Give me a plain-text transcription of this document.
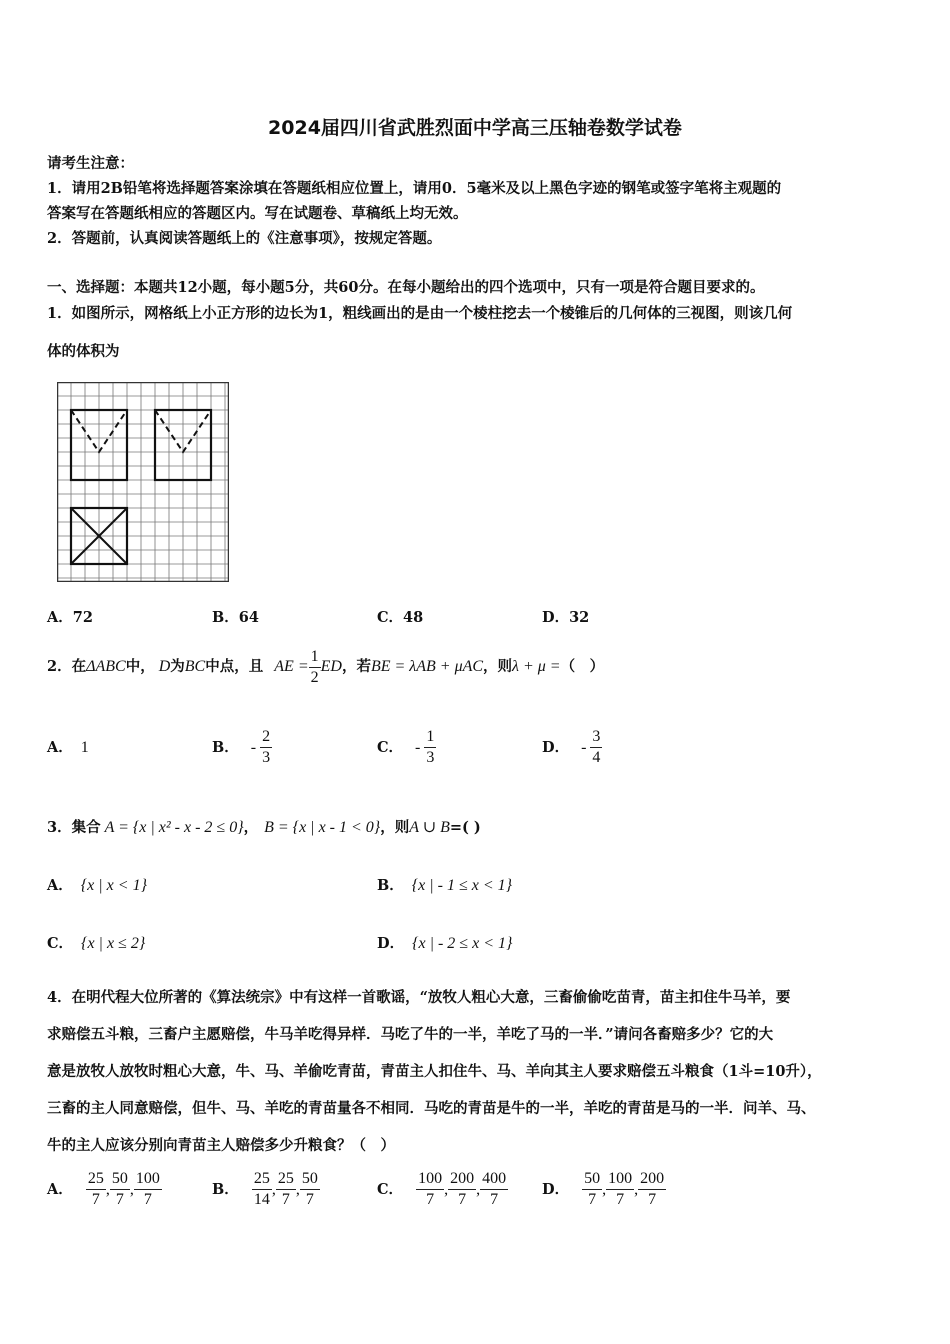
2024届四川省武胜烈面中学高三压轴卷数学试卷
请考生注意：
1．请用2B铅笔将选择题答案涂填在答题纸相应位置上，请用0．5毫米及以上黑色字迹的钢笔或签字笔将主观题的
答案写在答题纸相应的答题区内。写在试题卷、草稿纸上均无效。
2．答题前，认真阅读答题纸上的《注意事项》，按规定答题。
一、选择题：本题共12小题，每小题5分，共60分。在每小题给出的四个选项中，只有一项是符合题目要求的。
1．如图所示，网格纸上小正方形的边长为1，粗线画出的是由一个棱柱挖去一个棱锥后的几何体的三视图，则该几何
体的体积为
A．72	B．64	C．48	D．32
2．在ΔABC中， D为BC中点，且 AE = $\frac{1}{2}$ ED，若BE = λAB + μAC，则λ + μ =（　）
A． 1	B． - $\frac{2}{3}$	C． - $\frac{1}{3}$	D． - $\frac{3}{4}$
3．集合 A = {x | x² - x - 2 ≤ 0}， B = {x | x - 1 < 0}，则A ∪ B=( )
A． {x | x < 1}	B． {x | - 1 ≤ x < 1}
C． {x | x ≤ 2}	D． {x | - 2 ≤ x < 1}
4．在明代程大位所著的《算法统宗》中有这样一首歌谣，“放牧人粗心大意，三畜偷偷吃苗青，苗主扣住牛马羊，要
求赔偿五斗粮，三畜户主愿赔偿，牛马羊吃得异样．马吃了牛的一半，羊吃了马的一半．”请问各畜赔多少？它的大
意是放牧人放牧时粗心大意，牛、马、羊偷吃青苗，青苗主人扣住牛、马、羊向其主人要求赔偿五斗粮食（1斗=10升），
三畜的主人同意赔偿，但牛、马、羊吃的青苗量各不相同．马吃的青苗是牛的一半，羊吃的青苗是马的一半．问羊、马、
牛的主人应该分别向青苗主人赔偿多少升粮食？（　）
A． $\frac{25}{7}$ , $\frac{50}{7}$ , $\frac{100}{7}$	B． $\frac{25}{14}$ , $\frac{25}{7}$ , $\frac{50}{7}$	C． $\frac{100}{7}$ , $\frac{200}{7}$ , $\frac{400}{7}$ D． $\frac{50}{7}$ , $\frac{100}{7}$ , $\frac{200}{7}$
